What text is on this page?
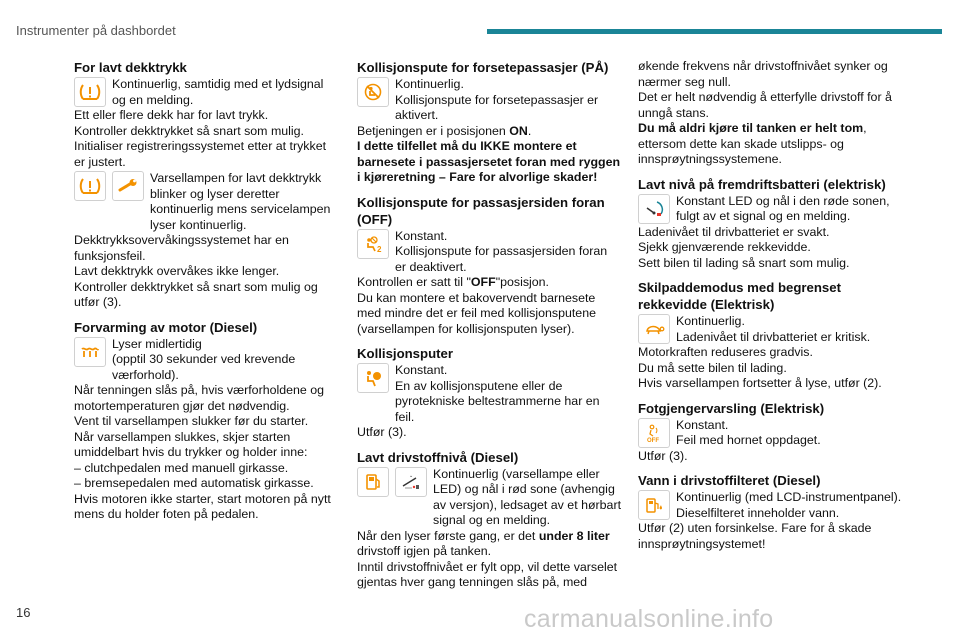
Instrumenter på dashbordet
For lavt dekktrykk
Kontinuerlig, samtidig med et lydsignal og en melding.

Ett eller flere dekk har for lavt trykk.

Kontroller dekktrykket så snart som mulig.

Initialiser registreringssystemet etter at trykket er justert.

Varsellampen for lavt dekktrykk blinker og lyser deretter kontinuerlig mens servicelampen lyser kontinuerlig.

Dekktrykksovervåkingssystemet har en funksjonsfeil.

Lavt dekktrykk overvåkes ikke lenger.

Kontroller dekktrykket så snart som mulig og utfør (3).

Forvarming av motor (Diesel)
Lyser midlertidig
(opptil 30 sekunder ved krevende værforhold).

Når tenningen slås på, hvis værforholdene og motortemperaturen gjør det nødvendig.

Vent til varsellampen slukker før du starter.

Når varsellampen slukkes, skjer starten umiddelbart hvis du trykker og holder inne:

– clutchpedalen med manuell girkasse.

– bremsepedalen med automatisk girkasse.

Hvis motoren ikke starter, start motoren på nytt mens du holder foten på pedalen.

Kollisjonspute for forsetepassasjer (PÅ)
Kontinuerlig.
Kollisjonspute for forsetepassasjer er aktivert.

Betjeningen er i posisjonen ON.

I dette tilfellet må du IKKE montere et barnesete i passasjersetet foran med ryggen i kjøreretning – Fare for alvorlige skader!

Kollisjonspute for passasjersiden foran (OFF)
2
Konstant.
Kollisjonspute for passasjersiden foran er deaktivert.

Kontrollen er satt til "OFF"posisjon.

Du kan montere et bakovervendt barnesete med mindre det er feil med kollisjonsputene (varsellampen for kollisjonsputen lyser).

Kollisjonsputer
Konstant.
En av kollisjonsputene eller de pyrotekniske beltestrammerne har en feil.

Utfør (3).

Lavt drivstoffnivå (Diesel)
⌄ Kontinuerlig (varsellampe eller LED) og nål i rød sone (avhengig av versjon), ledsaget av et hørbart signal og en melding.

Når den lyser første gang, er det under 8 liter drivstoff igjen på tanken.

Inntil drivstoffnivået er fylt opp, vil dette varselet gjentas hver gang tenningen slås på, med

økende frekvens når drivstoffnivået synker og nærmer seg null.

Det er helt nødvendig å etterfylle drivstoff for å unngå stans.

Du må aldri kjøre til tanken er helt tom,

ettersom dette kan skade utslipps- og innsprøytningssystemene.

Lavt nivå på fremdriftsbatteri (elektrisk)
Konstant LED og nål i den røde sonen, fulgt av et signal og en melding.

Ladenivået til drivbatteriet er svakt.

Sjekk gjenværende rekkevidde.

Sett bilen til lading så snart som mulig.

Skilpaddemodus med begrenset rekkevidde (Elektrisk)
Kontinuerlig.
Ladenivået til drivbatteriet er kritisk.

Motorkraften reduseres gradvis.

Du må sette bilen til lading.

Hvis varsellampen fortsetter å lyse, utfør (2).

Fotgjengervarsling (Elektrisk)
OFF
Konstant.
Feil med hornet oppdaget.

Utfør (3).

Vann i drivstoffilteret (Diesel)
Kontinuerlig (med LCD-instrumentpanel).
Dieselfilteret inneholder vann.

Utfør (2) uten forsinkelse. Fare for å skade innsprøytningsystemet!

16	carmanualsonline.info
